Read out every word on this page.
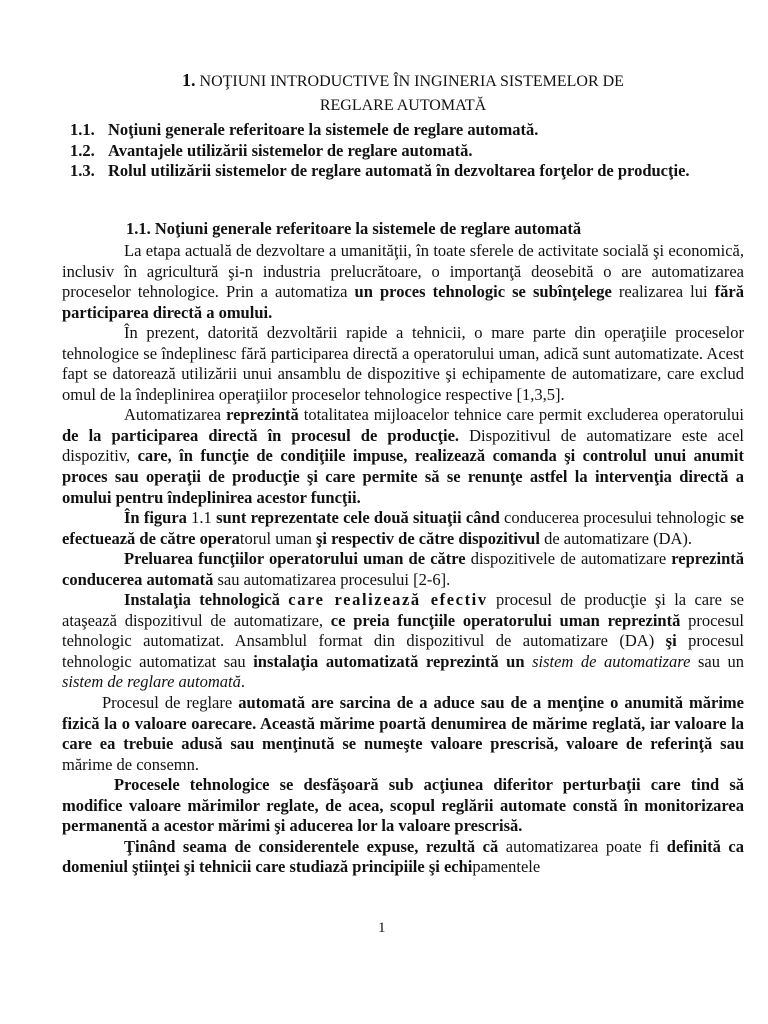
1. NOŢIUNI INTRODUCTIVE ÎN INGINERIA SISTEMELOR DE
REGLARE AUTOMATĂ
1.1. Noţiuni generale referitoare la sistemele de reglare automată.
1.2. Avantajele utilizării sistemelor de reglare automată.
1.3. Rolul utilizării sistemelor de reglare automată în dezvoltarea forţelor de producţie.
1.1. Noţiuni generale referitoare la sistemele de reglare automată

La etapa actuală de dezvoltare a umanităţii, în toate sferele de activitate socială şi economică, inclusiv în agricultură şi-n industria prelucrătoare, o importanţă deosebită o are automatizarea proceselor tehnologice. Prin a automatiza un proces tehnologic se subînţelege realizarea lui fără participarea directă a omului.

În prezent, datorită dezvoltării rapide a tehnicii, o mare parte din operaţiile proceselor tehnologice se îndeplinesc fără participarea directă a operatorului uman, adică sunt automatizate. Acest fapt se datorează utilizării unui ansamblu de dispozitive şi echipamente de automatizare, care exclud omul de la îndeplinirea operaţiilor proceselor tehnologice respective [1,3,5].

Automatizarea reprezintă totalitatea mijloacelor tehnice care permit excluderea operatorului de la participarea directă în procesul de producţie. Dispozitivul de automatizare este acel dispozitiv, care, în funcţie de condiţiile impuse, realizează comanda şi controlul unui anumit proces sau operaţii de producţie şi care permite să se renunţe astfel la intervenţia directă a omului pentru îndeplinirea acestor funcţii.

În figura 1.1 sunt reprezentate cele două situaţii când conducerea procesului tehnologic se efectuează de către operatorul uman şi respectiv de către dispozitivul de automatizare (DA).

Preluarea funcţiilor operatorului uman de către dispozitivele de automatizare reprezintă conducerea automată sau automatizarea procesului [2-6].

Instalaţia tehnologică care realizează efectiv procesul de producţie şi la care se ataşează dispozitivul de automatizare, ce preia funcţiile operatorului uman reprezintă procesul tehnologic automatizat. Ansamblul format din dispozitivul de automatizare (DA) şi procesul tehnologic automatizat sau instalaţia automatizată reprezintă un sistem de automatizare sau un sistem de reglare automată.

Procesul de reglare automată are sarcina de a aduce sau de a menţine o anumită mărime fizică la o valoare oarecare. Această mărime poartă denumirea de mărime reglată, iar valoare la care ea trebuie adusă sau menţinută se numeşte valoare prescrisă, valoare de referinţă sau mărime de consemn.

Procesele tehnologice se desfăşoară sub acţiunea diferitor perturbaţii care tind să modifice valoare mărimilor reglate, de acea, scopul reglării automate constă în monitorizarea permanentă a acestor mărimi şi aducerea lor la valoare prescrisă.

Ţinând seama de considerentele expuse, rezultă că automatizarea poate fi definită ca domeniul ştiinţei şi tehnicii care studiază principiile şi echipamentele

1
